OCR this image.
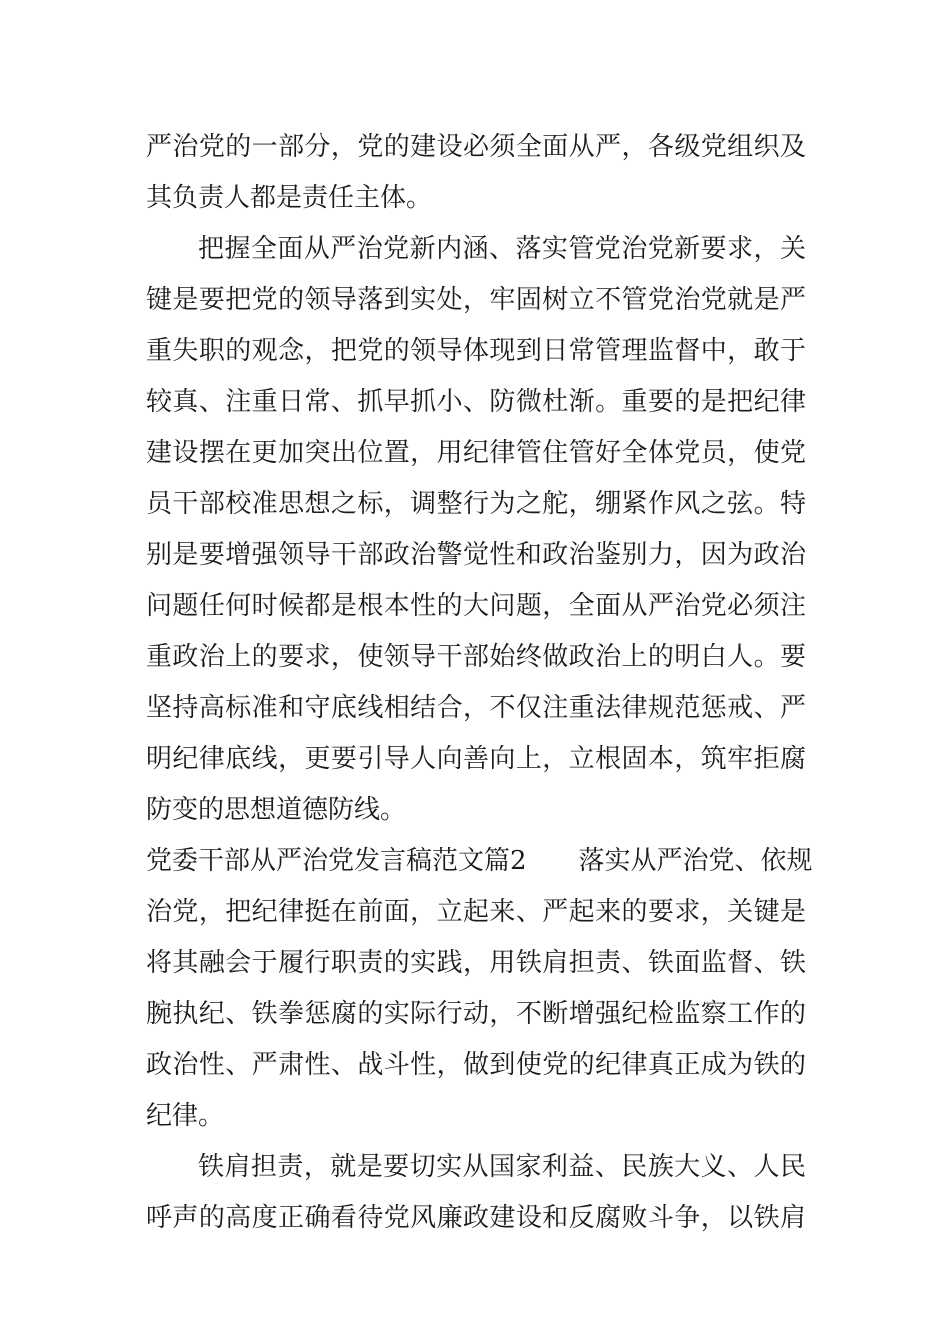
严治党的一部分，党的建设必须全面从严，各级党组织及
其负责人都是责任主体。
把握全面从严治党新内涵、落实管党治党新要求，关
键是要把党的领导落到实处，牢固树立不管党治党就是严
重失职的观念，把党的领导体现到日常管理监督中，敢于
较真、注重日常、抓早抓小、防微杜渐。重要的是把纪律
建设摆在更加突出位置，用纪律管住管好全体党员，使党
员干部校准思想之标，调整行为之舵，绷紧作风之弦。特
别是要增强领导干部政治警觉性和政治鉴别力，因为政治
问题任何时候都是根本性的大问题，全面从严治党必须注
重政治上的要求，使领导干部始终做政治上的明白人。要
坚持高标准和守底线相结合，不仅注重法律规范惩戒、严
明纪律底线，更要引导人向善向上，立根固本，筑牢拒腐
防变的思想道德防线。
党委干部从严治党发言稿范文篇2 落实从严治党、依规
治党，把纪律挺在前面，立起来、严起来的要求，关键是
将其融会于履行职责的实践，用铁肩担责、铁面监督、铁
腕执纪、铁拳惩腐的实际行动，不断增强纪检监察工作的
政治性、严肃性、战斗性，做到使党的纪律真正成为铁的
纪律。
铁肩担责，就是要切实从国家利益、民族大义、人民
呼声的高度正确看待党风廉政建设和反腐败斗争，以铁肩
